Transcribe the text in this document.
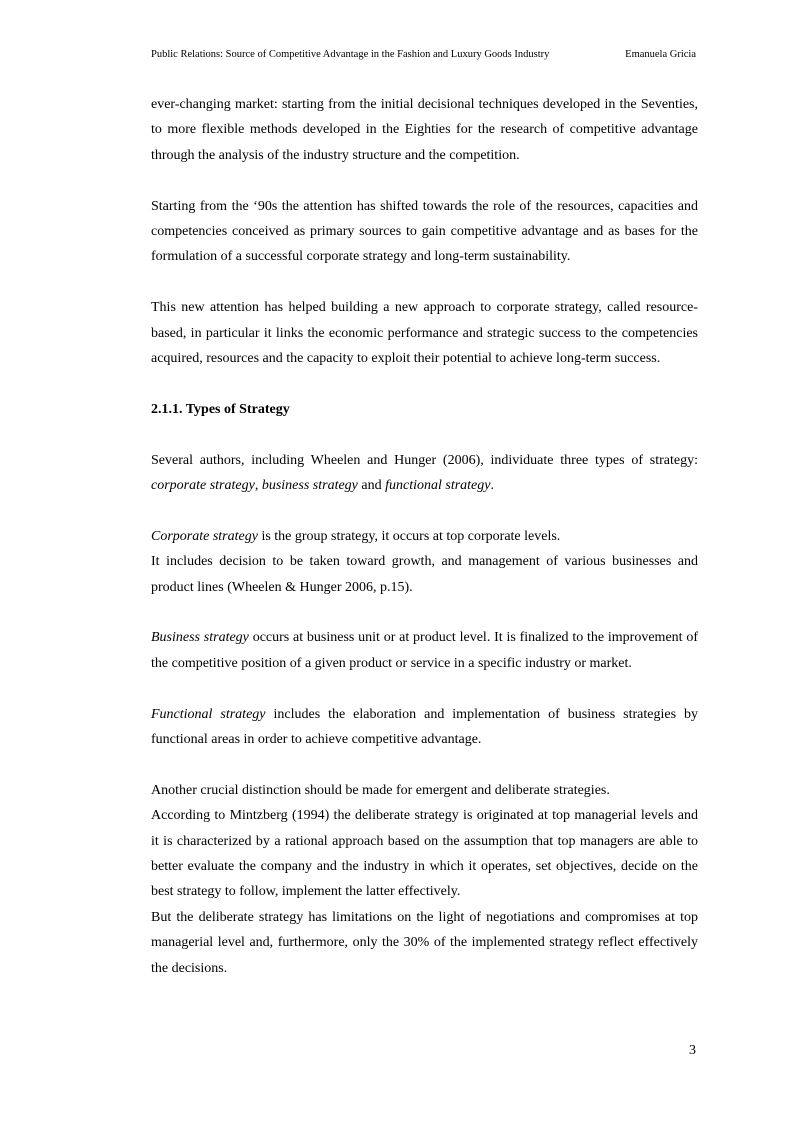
Public Relations: Source of Competitive Advantage in the Fashion and Luxury Goods Industry	Emanuela Gricia

ever-changing market: starting from the initial decisional techniques developed in the Seventies, to more flexible methods developed in the Eighties for the research of competitive advantage through the analysis of the industry structure and the competition.

Starting from the ‘90s the attention has shifted towards the role of the resources, capacities and competencies conceived as primary sources to gain competitive advantage and as bases for the formulation of a successful corporate strategy and long-term sustainability.

This new attention has helped building a new approach to corporate strategy, called resource-based, in particular it links the economic performance and strategic success to the competencies acquired, resources and the capacity to exploit their potential to achieve long-term success.

2.1.1. Types of Strategy

Several authors, including Wheelen and Hunger (2006), individuate three types of strategy: corporate strategy, business strategy and functional strategy.

Corporate strategy is the group strategy, it occurs at top corporate levels.

It includes decision to be taken toward growth, and management of various businesses and product lines (Wheelen & Hunger 2006, p.15).

Business strategy occurs at business unit or at product level. It is finalized to the improvement of the competitive position of a given product or service in a specific industry or market.

Functional strategy includes the elaboration and implementation of business strategies by functional areas in order to achieve competitive advantage.

Another crucial distinction should be made for emergent and deliberate strategies.

According to Mintzberg (1994) the deliberate strategy is originated at top managerial levels and it is characterized by a rational approach based on the assumption that top managers are able to better evaluate the company and the industry in which it operates, set objectives, decide on the best strategy to follow, implement the latter effectively.

But the deliberate strategy has limitations on the light of negotiations and compromises at top managerial level and, furthermore, only the 30% of the implemented strategy reflect effectively the decisions.

3
